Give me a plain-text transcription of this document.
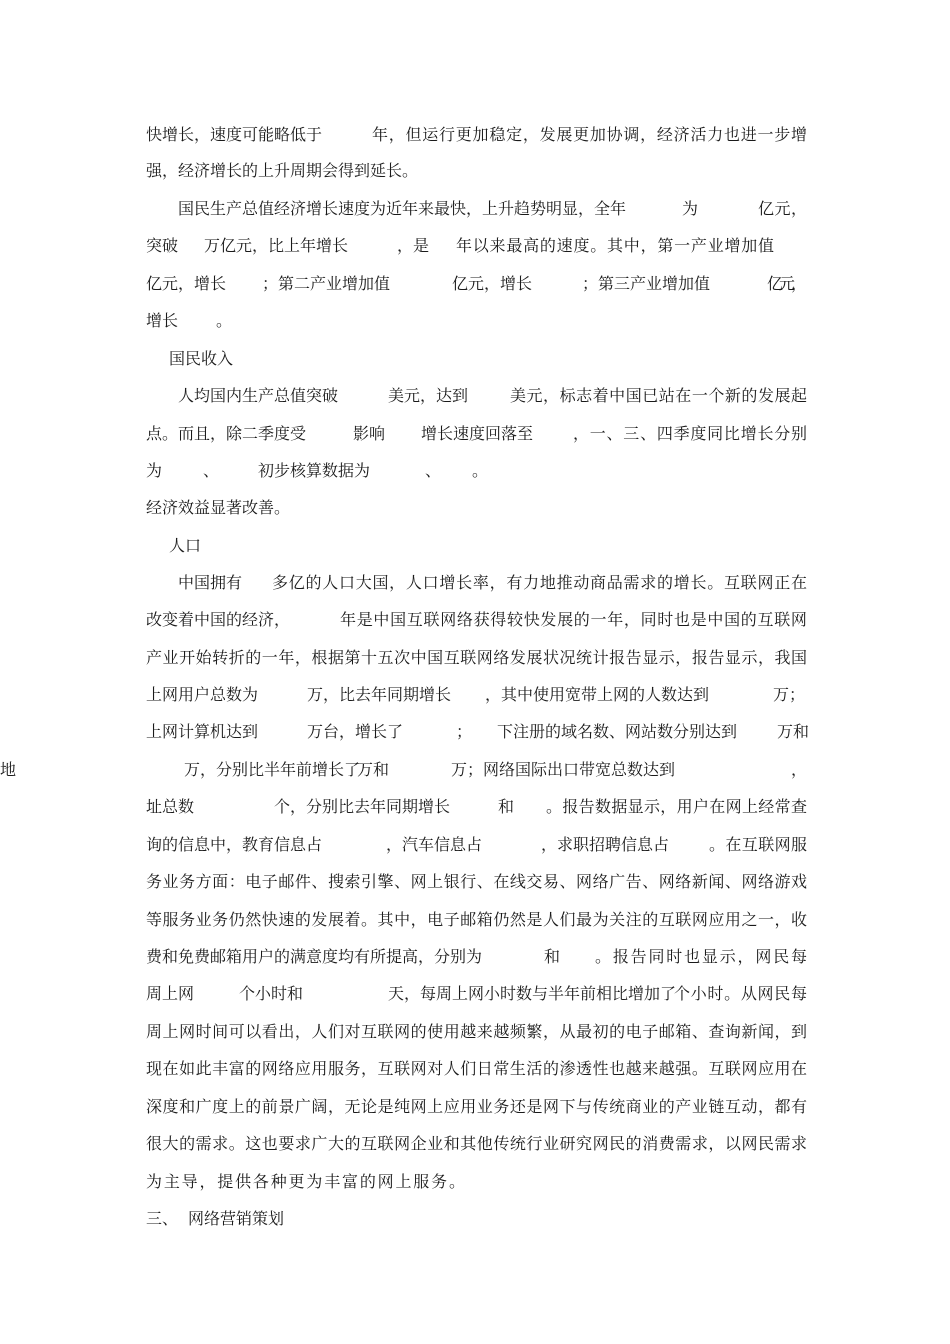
快增长，速度可能略低于	年，但运行更加稳定，发展更加协调，经济活力也进一步增
强，经济增长的上升周期会得到延长。
国民生产总值经济增长速度为近年来最快，上升趋势明显，全年	为	亿元，
突破 万亿元，比上年增长	，是 年以来最高的速度。其中，第一产业增加值
亿元，增长 ；第二产业增加值	亿元，增长	；第三产业增加值	亿元，
增长 。
国民收入
人均国内生产总值突破	美元，达到	美元，标志着中国已站在一个新的发展起
点。而且，除二季度受	影响 增长速度回落至 ，一、三、四季度同比增长分别
为	、 初步核算数据为	、 。
经济效益显著改善。
人口
中国拥有 多亿的人口大国，人口增长率，有力地推动商品需求的增长。互联网正在
改变着中国的经济，	年是中国互联网络获得较快发展的一年，同时也是中国的互联网
产业开始转折的一年，根据第十五次中国互联网络发展状况统计报告显示，报告显示，我国
上网用户总数为	万，比去年同期增长 ，其中使用宽带上网的人数达到	万；
上网计算机达到	万台，增长了	； 下注册的域名数、网站数分别达到 万和
万，分别比半年前增长了
万和	万；网络国际出口带宽总数达到	，
地
址总数	个，分别比去年同期增长	和 。报告数据显示，用户在网上经常查
询的信息中，教育信息占	，汽车信息占	，求职招聘信息占 。在互联网服
务业务方面：电子邮件、搜索引擎、网上银行、在线交易、网络广告、网络新闻、网络游戏
等服务业务仍然快速的发展着。其中，电子邮箱仍然是人们最为关注的互联网应用之一，收
费和免费邮箱用户的满意度均有所提高，分别为	和 。报告同时也显示，网民每
周上网	个小时和	天，每周上网小时数与半年前相比增加了
个小时。从网民每
周上网时间可以看出，人们对互联网的使用越来越频繁，从最初的电子邮箱、查询新闻，到
现在如此丰富的网络应用服务，互联网对人们日常生活的渗透性也越来越强。互联网应用在
深度和广度上的前景广阔，无论是纯网上应用业务还是网下与传统商业的产业链互动，都有
很大的需求。这也要求广大的互联网企业和其他传统行业研究网民的消费需求，以网民需求
为主导，提供各种更为丰富的网上服务。
三、 网络营销策划
